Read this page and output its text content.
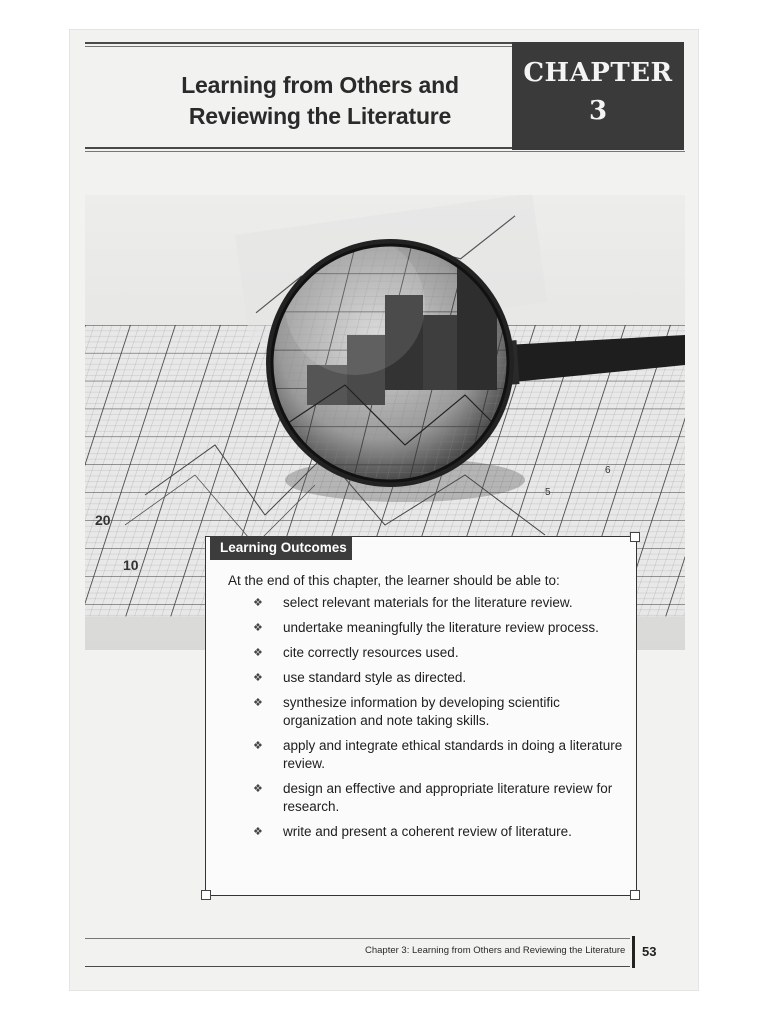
Learning from Others and
Reviewing the Literature
CHAPTER
3
20
10
5
6
Learning Outcomes
At the end of this chapter, the learner should be able to:
❖ select relevant materials for the literature review.
❖ undertake meaningfully the literature review process.
❖ cite correctly resources used.
❖ use standard style as directed.
❖ synthesize information by developing scientific organization and note taking skills.
❖ apply and integrate ethical standards in doing a literature review.
❖ design an effective and appropriate literature review for research.
❖ write and present a coherent review of literature.
Chapter 3: Learning from Others and Reviewing the Literature 53
